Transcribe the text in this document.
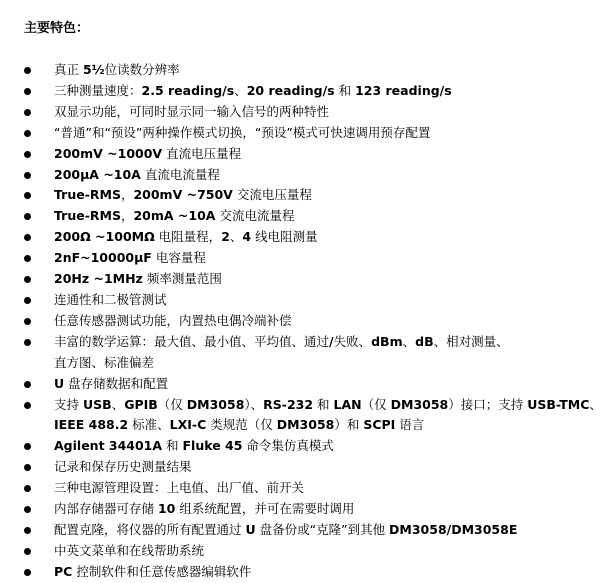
主要特色：
真正 5½位读数分辨率
三种测量速度：2.5 reading/s、20 reading/s 和 123 reading/s
双显示功能，可同时显示同一输入信号的两种特性
“普通”和“预设”两种操作模式切换，“预设”模式可快速调用预存配置
200mV ~1000V 直流电压量程
200μA ~10A 直流电流量程
True-RMS，200mV ~750V 交流电压量程
True-RMS，20mA ~10A 交流电流量程
200Ω ~100MΩ 电阻量程，2、4 线电阻测量
2nF~10000μF 电容量程
20Hz ~1MHz 频率测量范围
连通性和二极管测试
任意传感器测试功能，内置热电偶冷端补偿
丰富的数学运算：最大值、最小值、平均值、通过/失败、dBm、dB、相对测量、
直方图、标准偏差
U 盘存储数据和配置
支持 USB、GPIB（仅 DM3058）、RS-232 和 LAN（仅 DM3058）接口；支持 USB-TMC、
IEEE 488.2 标准、LXI-C 类规范（仅 DM3058）和 SCPI 语言
Agilent 34401A 和 Fluke 45 命令集仿真模式
记录和保存历史测量结果
三种电源管理设置：上电值、出厂值、前开关
内部存储器可存储 10 组系统配置，并可在需要时调用
配置克隆，将仪器的所有配置通过 U 盘备份或“克隆”到其他 DM3058/DM3058E
中英文菜单和在线帮助系统
PC 控制软件和任意传感器编辑软件
